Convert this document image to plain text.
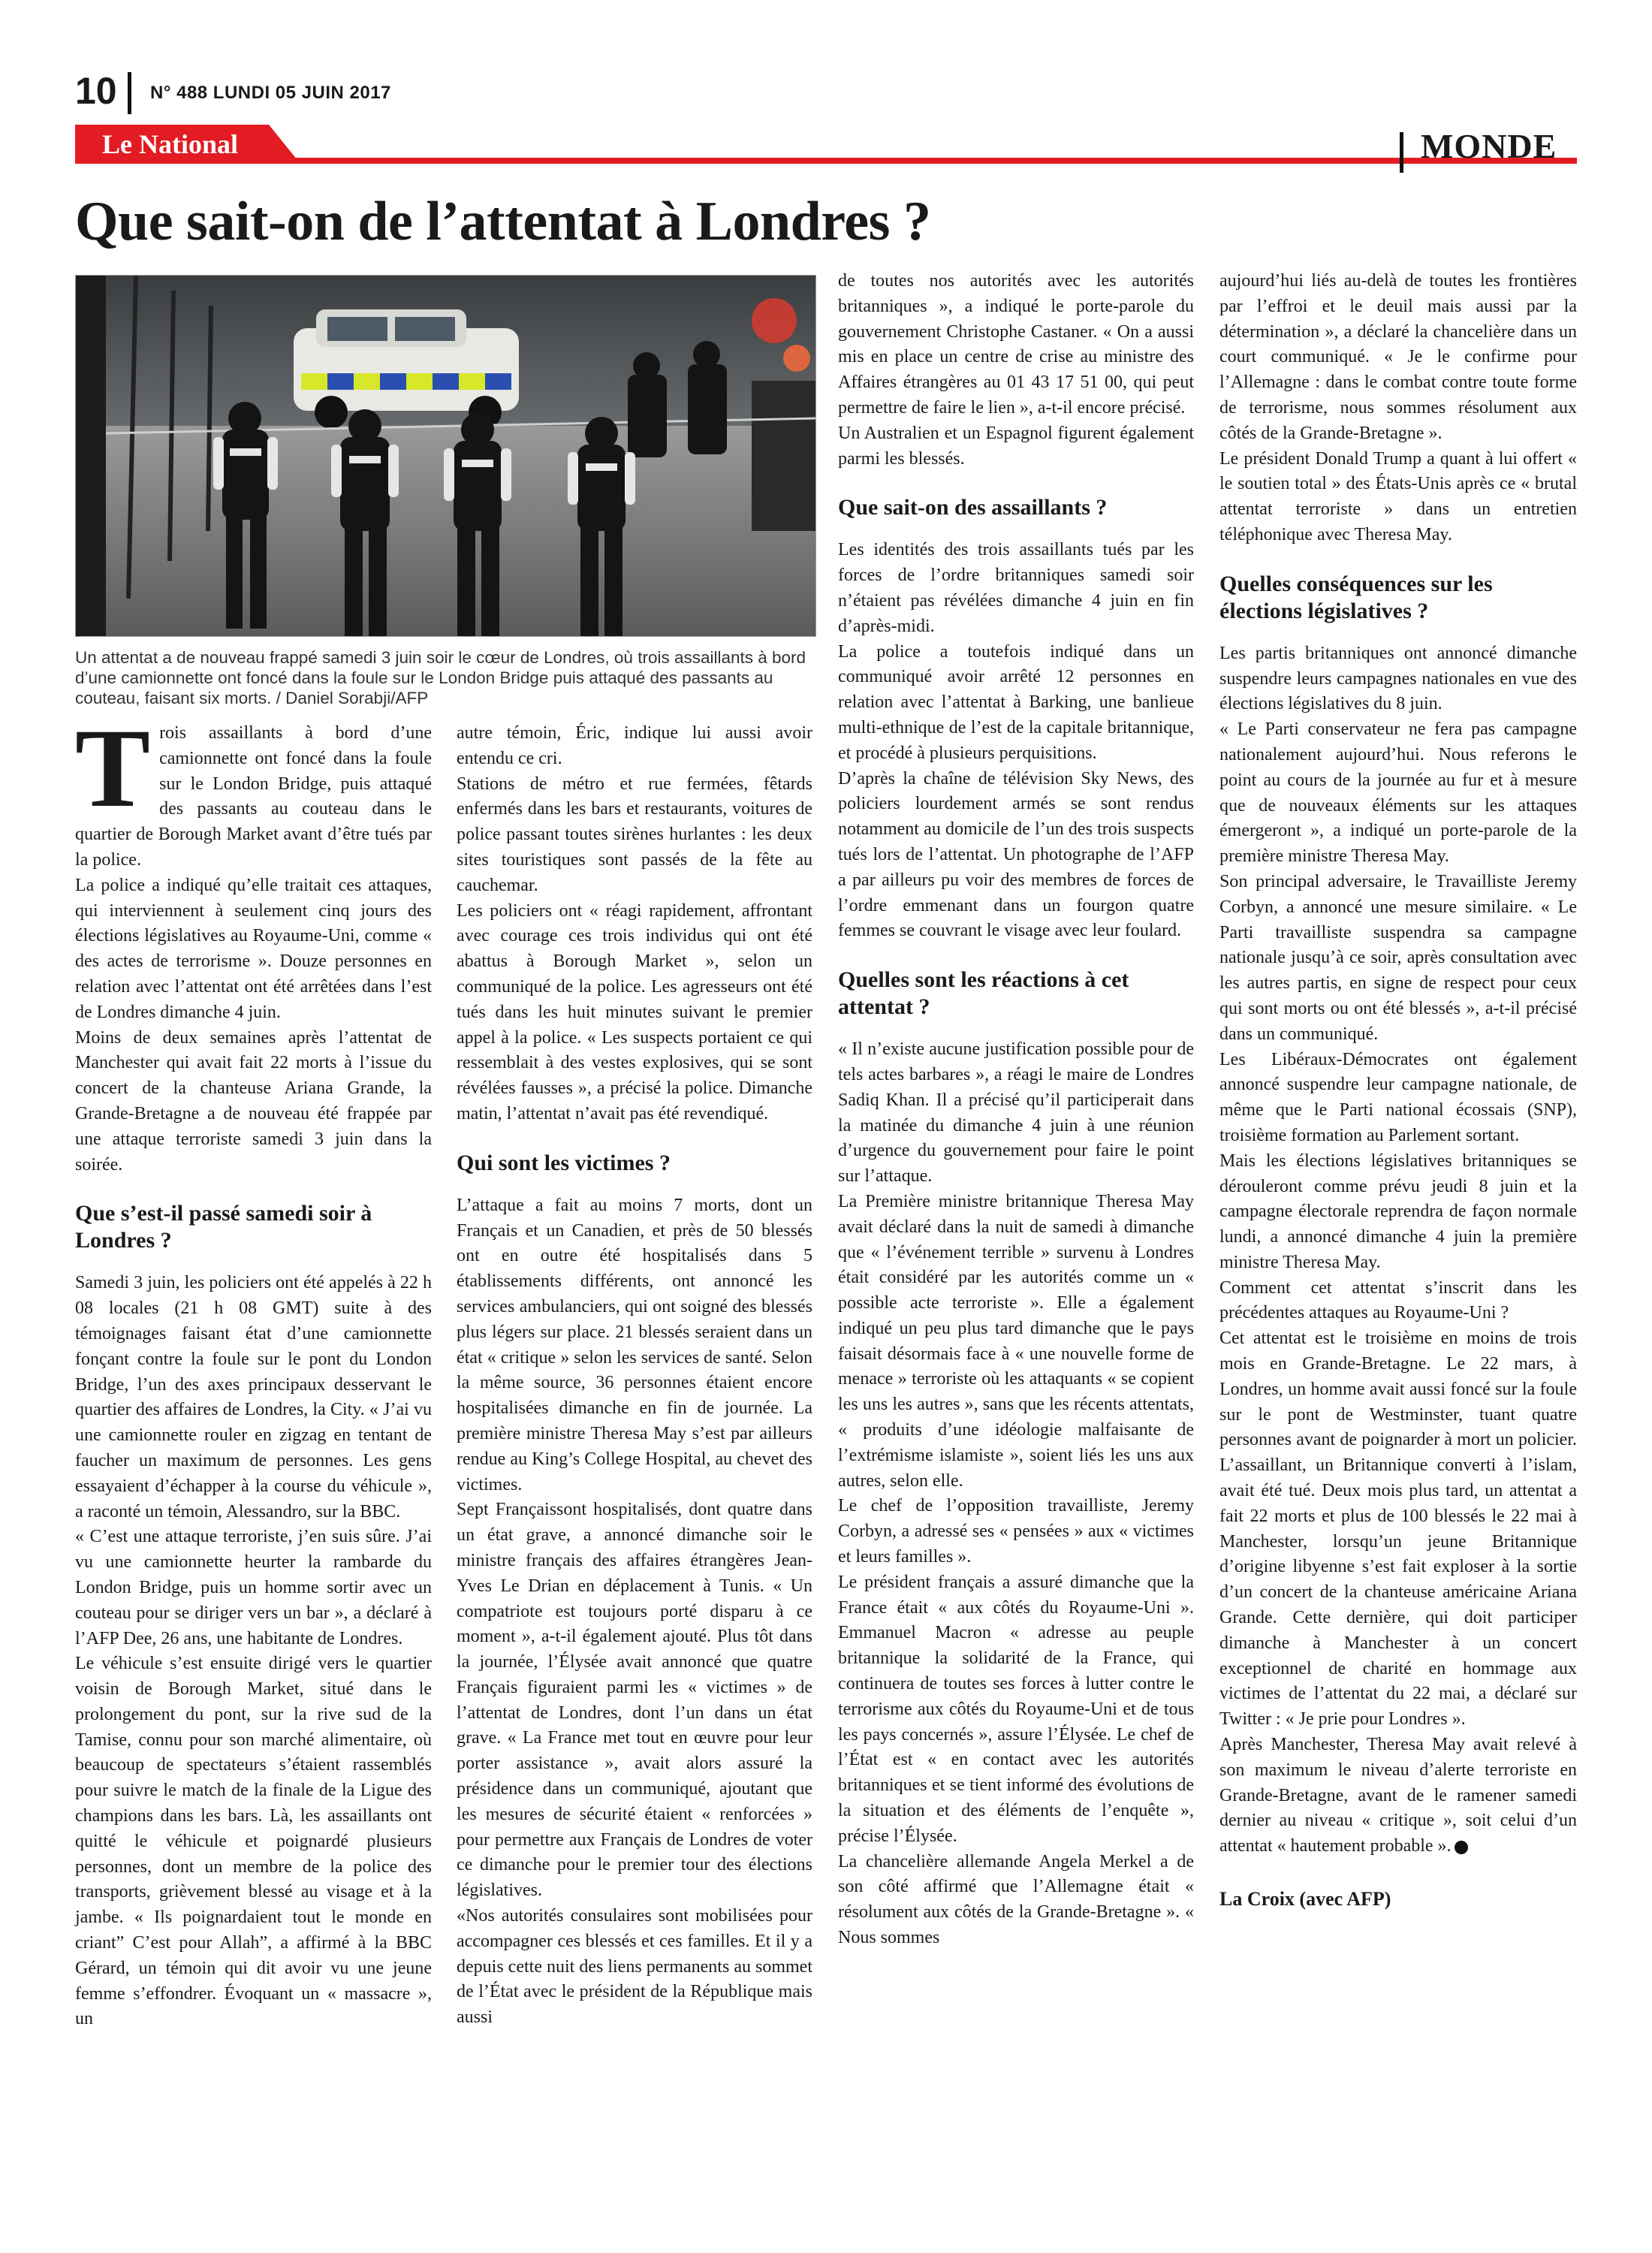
10 N° 488 LUNDI 05 JUIN 2017
Le National	MONDE
Que sait-on de l’attentat à Londres ?
Un attentat a de nouveau frappé samedi 3 juin soir le cœur de Londres, où trois assaillants à bord d’une camionnette ont foncé dans la foule sur le London Bridge puis attaqué des passants au couteau, faisant six morts. / Daniel Sorabji/AFP

Trois assaillants à bord d’une camionnette ont foncé dans la foule sur le London Bridge, puis attaqué des passants au couteau dans le quartier de Borough Market avant d’être tués par la police.

La police a indiqué qu’elle traitait ces attaques, qui interviennent à seulement cinq jours des élections législatives au Royaume-Uni, comme « des actes de terrorisme ». Douze personnes en relation avec l’attentat ont été arrêtées dans l’est de Londres dimanche 4 juin.

Moins de deux semaines après l’attentat de Manchester qui avait fait 22 morts à l’issue du concert de la chanteuse Ariana Grande, la Grande-Bretagne a de nouveau été frappée par une attaque terroriste samedi 3 juin dans la soirée.

Que s’est-il passé samedi soir à Londres ?

Samedi 3 juin, les policiers ont été appelés à 22 h 08 locales (21 h 08 GMT) suite à des témoignages faisant état d’une camionnette fonçant contre la foule sur le pont du London Bridge, l’un des axes principaux desservant le quartier des affaires de Londres, la City. « J’ai vu une camionnette rouler en zigzag en tentant de faucher un maximum de personnes. Les gens essayaient d’échapper à la course du véhicule », a raconté un témoin, Alessandro, sur la BBC.

« C’est une attaque terroriste, j’en suis sûre. J’ai vu une camionnette heurter la rambarde du London Bridge, puis un homme sortir avec un couteau pour se diriger vers un bar », a déclaré à l’AFP Dee, 26 ans, une habitante de Londres.

Le véhicule s’est ensuite dirigé vers le quartier voisin de Borough Market, situé dans le prolongement du pont, sur la rive sud de la Tamise, connu pour son marché alimentaire, où beaucoup de spectateurs s’étaient rassemblés pour suivre le match de la finale de la Ligue des champions dans les bars. Là, les assaillants ont quitté le véhicule et poignardé plusieurs personnes, dont un membre de la police des transports, grièvement blessé au visage et à la jambe. « Ils poignardaient tout le monde en criant” C’est pour Allah”, a affirmé à la BBC Gérard, un témoin qui dit avoir vu une jeune femme s’effondrer. Évoquant un « massacre », un

autre témoin, Éric, indique lui aussi avoir entendu ce cri.

Stations de métro et rue fermées, fêtards enfermés dans les bars et restaurants, voitures de police passant toutes sirènes hurlantes : les deux sites touristiques sont passés de la fête au cauchemar.

Les policiers ont « réagi rapidement, affrontant avec courage ces trois individus qui ont été abattus à Borough Market », selon un communiqué de la police. Les agresseurs ont été tués dans les huit minutes suivant le premier appel à la police. « Les suspects portaient ce qui ressemblait à des vestes explosives, qui se sont révélées fausses », a précisé la police. Dimanche matin, l’attentat n’avait pas été revendiqué.

Qui sont les victimes ?

L’attaque a fait au moins 7 morts, dont un Français et un Canadien, et près de 50 blessés ont en outre été hospitalisés dans 5 établissements différents, ont annoncé les services ambulanciers, qui ont soigné des blessés plus légers sur place. 21 blessés seraient dans un état « critique » selon les services de santé. Selon la même source, 36 personnes étaient encore hospitalisées dimanche en fin de journée. La première ministre Theresa May s’est par ailleurs rendue au King’s College Hospital, au chevet des victimes.

Sept Françaissont hospitalisés, dont quatre dans un état grave, a annoncé dimanche soir le ministre français des affaires étrangères Jean-Yves Le Drian en déplacement à Tunis. « Un compatriote est toujours porté disparu à ce moment », a-t-il également ajouté. Plus tôt dans la journée, l’Élysée avait annoncé que quatre Français figuraient parmi les « victimes » de l’attentat de Londres, dont l’un dans un état grave. « La France met tout en œuvre pour leur porter assistance », avait alors assuré la présidence dans un communiqué, ajoutant que les mesures de sécurité étaient « renforcées » pour permettre aux Français de Londres de voter ce dimanche pour le premier tour des élections législatives.

«Nos autorités consulaires sont mobilisées pour accompagner ces blessés et ces familles. Et il y a depuis cette nuit des liens permanents au sommet de l’État avec le président de la République mais aussi

de toutes nos autorités avec les autorités britanniques », a indiqué le porte-parole du gouvernement Christophe Castaner. « On a aussi mis en place un centre de crise au ministre des Affaires étrangères au 01 43 17 51 00, qui peut permettre de faire le lien », a-t-il encore précisé.

Un Australien et un Espagnol figurent également parmi les blessés.

Que sait-on des assaillants ?

Les identités des trois assaillants tués par les forces de l’ordre britanniques samedi soir n’étaient pas révélées dimanche 4 juin en fin d’après-midi.

La police a toutefois indiqué dans un communiqué avoir arrêté 12 personnes en relation avec l’attentat à Barking, une banlieue multi-ethnique de l’est de la capitale britannique, et procédé à plusieurs perquisitions.

D’après la chaîne de télévision Sky News, des policiers lourdement armés se sont rendus notamment au domicile de l’un des trois suspects tués lors de l’attentat. Un photographe de l’AFP a par ailleurs pu voir des membres de forces de l’ordre emmenant dans un fourgon quatre femmes se couvrant le visage avec leur foulard.

Quelles sont les réactions à cet attentat ?

« Il n’existe aucune justification possible pour de tels actes barbares », a réagi le maire de Londres Sadiq Khan. Il a précisé qu’il participerait dans la matinée du dimanche 4 juin à une réunion d’urgence du gouvernement pour faire le point sur l’attaque.

La Première ministre britannique Theresa May avait déclaré dans la nuit de samedi à dimanche que « l’événement terrible » survenu à Londres était considéré par les autorités comme un « possible acte terroriste ». Elle a également indiqué un peu plus tard dimanche que le pays faisait désormais face à « une nouvelle forme de menace » terroriste où les attaquants « se copient les uns les autres », sans que les récents attentats, « produits d’une idéologie malfaisante de l’extrémisme islamiste », soient liés les uns aux autres, selon elle.

Le chef de l’opposition travailliste, Jeremy Corbyn, a adressé ses « pensées » aux « victimes et leurs familles ».

Le président français a assuré dimanche que la France était « aux côtés du Royaume-Uni ». Emmanuel Macron « adresse au peuple britannique la solidarité de la France, qui continuera de toutes ses forces à lutter contre le terrorisme aux côtés du Royaume-Uni et de tous les pays concernés », assure l’Élysée. Le chef de l’État est « en contact avec les autorités britanniques et se tient informé des évolutions de la situation et des éléments de l’enquête », précise l’Élysée.

La chancelière allemande Angela Merkel a de son côté affirmé que l’Allemagne était « résolument aux côtés de la Grande-Bretagne ». « Nous sommes

aujourd’hui liés au-delà de toutes les frontières par l’effroi et le deuil mais aussi par la détermination », a déclaré la chancelière dans un court communiqué. « Je le confirme pour l’Allemagne : dans le combat contre toute forme de terrorisme, nous sommes résolument aux côtés de la Grande-Bretagne ».

Le président Donald Trump a quant à lui offert « le soutien total » des États-Unis après ce « brutal attentat terroriste » dans un entretien téléphonique avec Theresa May.

Quelles conséquences sur les élections législatives ?

Les partis britanniques ont annoncé dimanche suspendre leurs campagnes nationales en vue des élections législatives du 8 juin.

« Le Parti conservateur ne fera pas campagne nationalement aujourd’hui. Nous referons le point au cours de la journée au fur et à mesure que de nouveaux éléments sur les attaques émergeront », a indiqué un porte-parole de la première ministre Theresa May.

Son principal adversaire, le Travailliste Jeremy Corbyn, a annoncé une mesure similaire. « Le Parti travailliste suspendra sa campagne nationale jusqu’à ce soir, après consultation avec les autres partis, en signe de respect pour ceux qui sont morts ou ont été blessés », a-t-il précisé dans un communiqué.

Les Libéraux-Démocrates ont également annoncé suspendre leur campagne nationale, de même que le Parti national écossais (SNP), troisième formation au Parlement sortant.

Mais les élections législatives britanniques se dérouleront comme prévu jeudi 8 juin et la campagne électorale reprendra de façon normale lundi, a annoncé dimanche 4 juin la première ministre Theresa May.

Comment cet attentat s’inscrit dans les précédentes attaques au Royaume-Uni ?

Cet attentat est le troisième en moins de trois mois en Grande-Bretagne. Le 22 mars, à Londres, un homme avait aussi foncé sur la foule sur le pont de Westminster, tuant quatre personnes avant de poignarder à mort un policier. L’assaillant, un Britannique converti à l’islam, avait été tué. Deux mois plus tard, un attentat a fait 22 morts et plus de 100 blessés le 22 mai à Manchester, lorsqu’un jeune Britannique d’origine libyenne s’est fait exploser à la sortie d’un concert de la chanteuse américaine Ariana Grande. Cette dernière, qui doit participer dimanche à Manchester à un concert exceptionnel de charité en hommage aux victimes de l’attentat du 22 mai, a déclaré sur Twitter : « Je prie pour Londres ».

Après Manchester, Theresa May avait relevé à son maximum le niveau d’alerte terroriste en Grande-Bretagne, avant de le ramener samedi dernier au niveau « critique », soit celui d’un attentat « hautement probable ».

La Croix (avec AFP)
